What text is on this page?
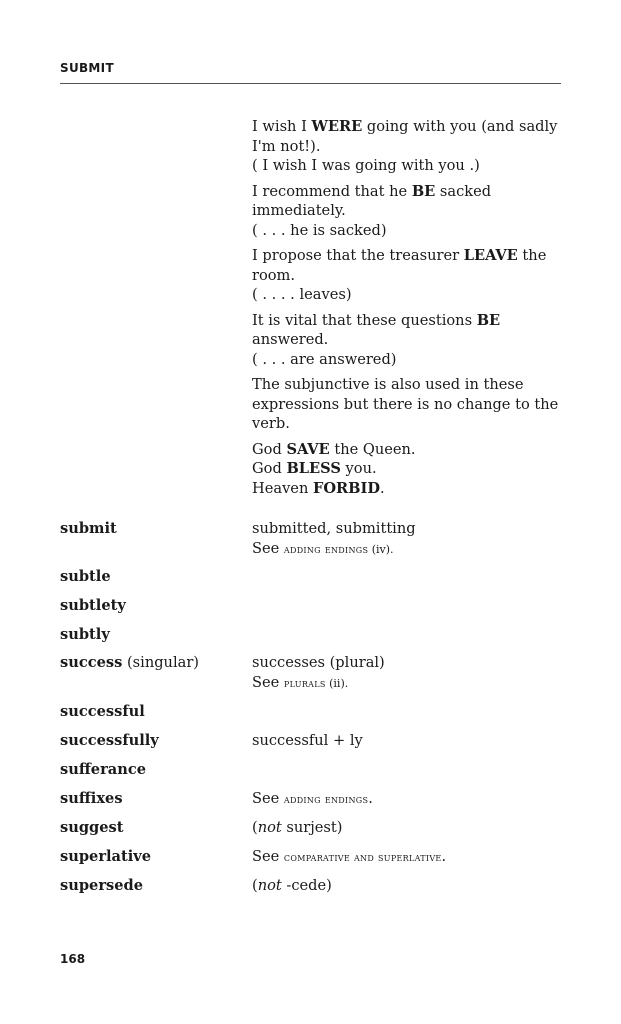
SUBMIT

I wish I WERE going with you (and sadly I'm not!).

( I wish I was going with you .)

I recommend that he BE sacked immediately.

( . . . he is sacked)

I propose that the treasurer LEAVE the room.

( . . . . leaves)

It is vital that these questions BE answered.

( . . . are answered)

The subjunctive is also used in these expressions but there is no change to the verb.

God SAVE the Queen.

God BLESS you.

Heaven FORBID.

submit	submitted, submitting
See adding endings (iv).
subtle
subtlety
subtly
success (singular)	successes (plural)
See plurals (ii).
successful
successfully	successful + ly
sufferance
suffixes	See adding endings.
suggest	(not surjest)
superlative	See comparative and superlative.
supersede	(not -cede)
168
